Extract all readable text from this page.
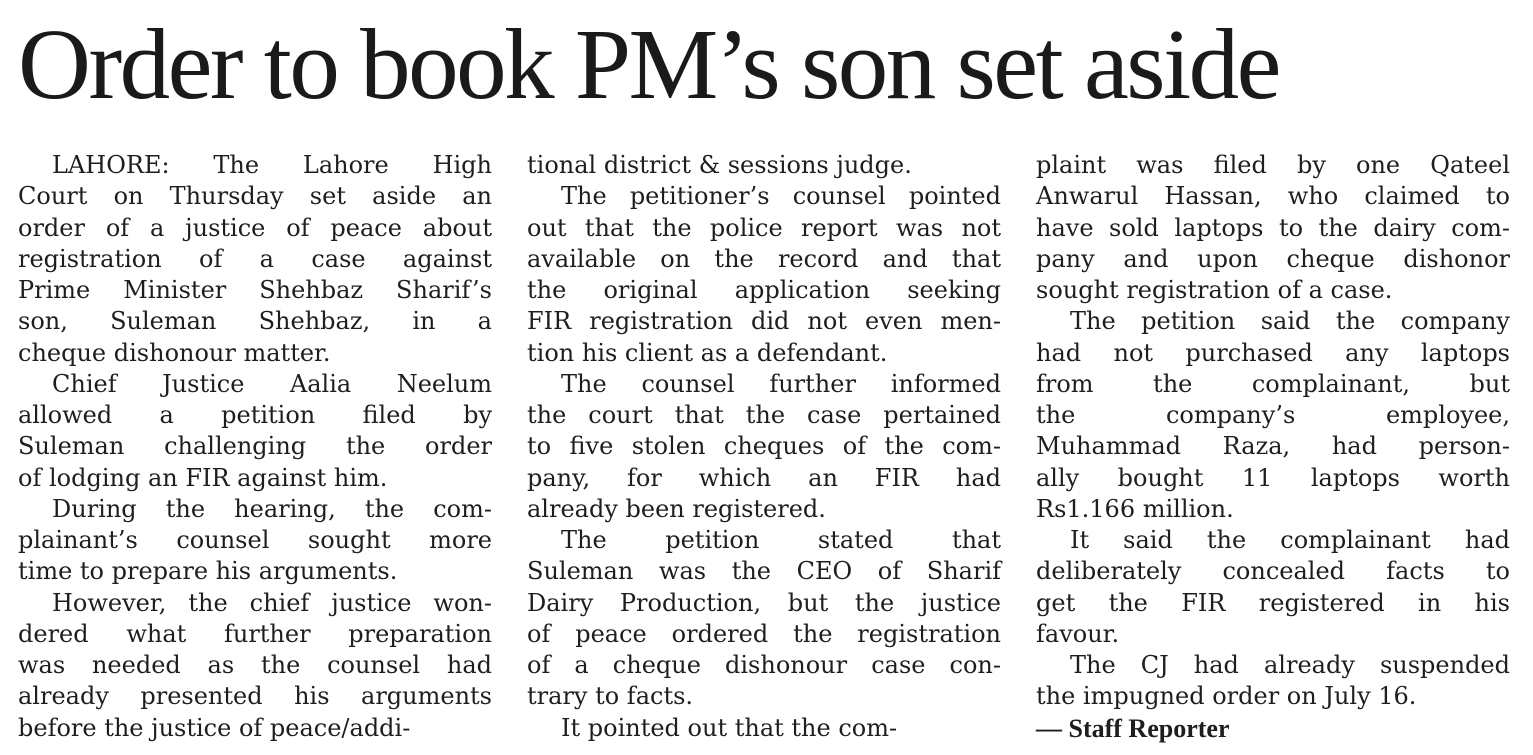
Order to book PM’s son set aside
LAHORE: The Lahore High
Court on Thursday set aside an
order of a justice of peace about
registration of a case against
Prime Minister Shehbaz Sharif’s
son, Suleman Shehbaz, in a
cheque dishonour matter.
Chief Justice Aalia Neelum
allowed a petition filed by
Suleman challenging the order
of lodging an FIR against him.
During the hearing, the com-
plainant’s counsel sought more
time to prepare his arguments.
However, the chief justice won-
dered what further preparation
was needed as the counsel had
already presented his arguments
before the justice of peace/addi-
tional district & sessions judge.
The petitioner’s counsel pointed
out that the police report was not
available on the record and that
the original application seeking
FIR registration did not even men-
tion his client as a defendant.
The counsel further informed
the court that the case pertained
to five stolen cheques of the com-
pany, for which an FIR had
already been registered.
The petition stated that
Suleman was the CEO of Sharif
Dairy Production, but the justice
of peace ordered the registration
of a cheque dishonour case con-
trary to facts.
It pointed out that the com-
plaint was filed by one Qateel
Anwarul Hassan, who claimed to
have sold laptops to the dairy com-
pany and upon cheque dishonor
sought registration of a case.
The petition said the company
had not purchased any laptops
from the complainant, but
the company’s employee,
Muhammad Raza, had person-
ally bought 11 laptops worth
Rs1.166 million.
It said the complainant had
deliberately concealed facts to
get the FIR registered in his
favour.
The CJ had already suspended
the impugned order on July 16.
— Staff Reporter
